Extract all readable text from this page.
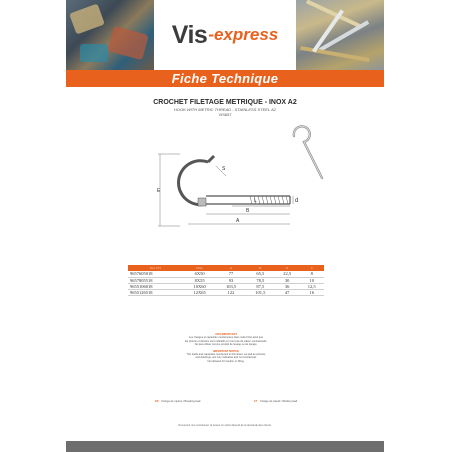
Vis -express
Fiche Technique
CROCHET FILETAGE METRIQUE - INOX A2
HOOK WITH METRIC THREAD - STAINLESS STEEL A2
VIS657
E
L
B
A
d
S
Ref VIS	Dim.	A	B	E	S
9657605018	6X50	77	65,5	22,5	8
9657805518	8X55	93	78,5	30	10
9655106018	10X60	103,5	87,5	36	12,5
9655126518	12X65	122	101,5	47	16
AVIS IMPORTANT
Les charges et capacités mentionnées dans cette fiche ainsi que
les photos et dessins sont indicatifs et n'ont pas de valeur contractuelle.
Ne pas utiliser comme produit de levage ou de levage.
IMPORTANT NOTICE
The loads and capacities mentioned in this sheet, as well as pictures
and drawings, are only indicative and not contractual.
Not allowed for traction or lifting.
CR Charge de rupture / Breaking load	CT Charge de travail / Working load
Document non contractuel, la teneur en stock dépend de la demande des clients.
